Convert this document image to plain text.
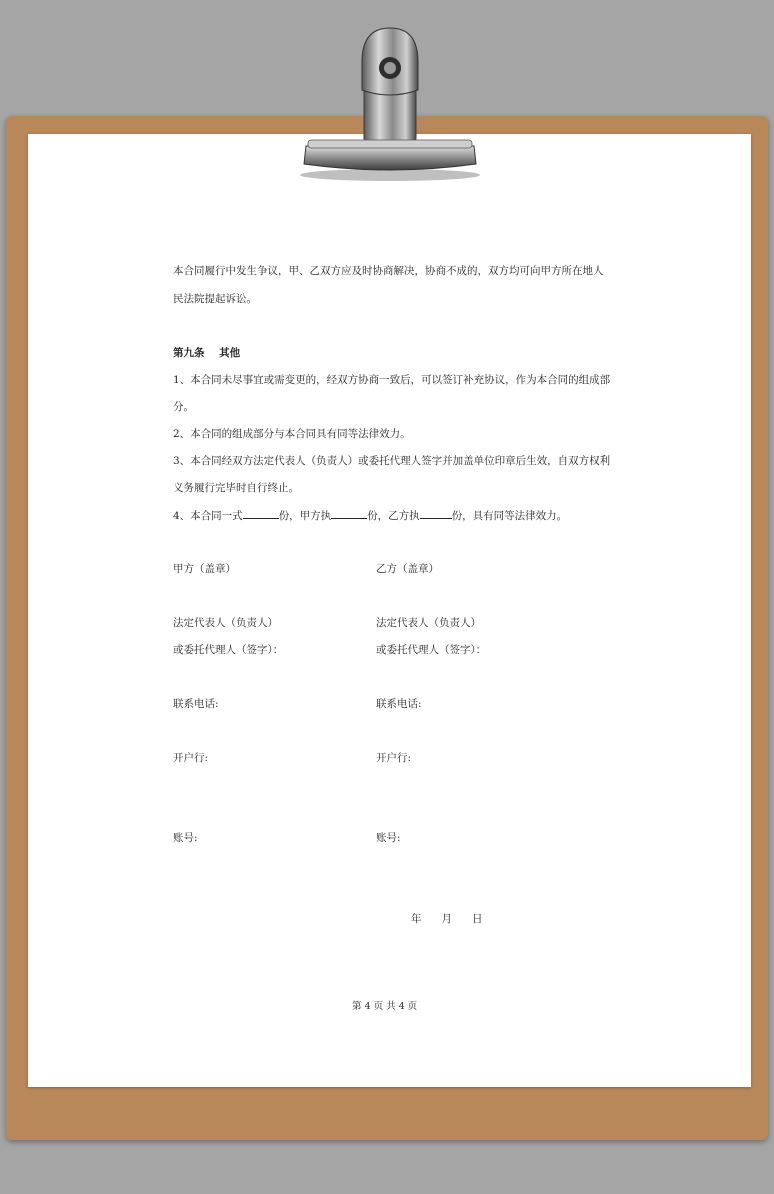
本合同履行中发生争议，甲、乙双方应及时协商解决，协商不成的，双方均可向甲方所在地人
民法院提起诉讼。
第九条    其他
1、本合同未尽事宜或需变更的，经双方协商一致后，可以签订补充协议，作为本合同的组成部
分。
2、本合同的组成部分与本合同具有同等法律效力。
3、本合同经双方法定代表人（负责人）或委托代理人签字并加盖单位印章后生效，自双方权利
义务履行完毕时自行终止。
4、本合同一式	份，甲方执	份，乙方执	份，具有同等法律效力。
甲方（盖章）	乙方（盖章）
法定代表人（负责人）	法定代表人（负责人）
或委托代理人（签字）：	或委托代理人（签字）：
联系电话:	联系电话:
开户行:	开户行:
账号:	账号:
年      月      日
第 4 页 共 4 页
